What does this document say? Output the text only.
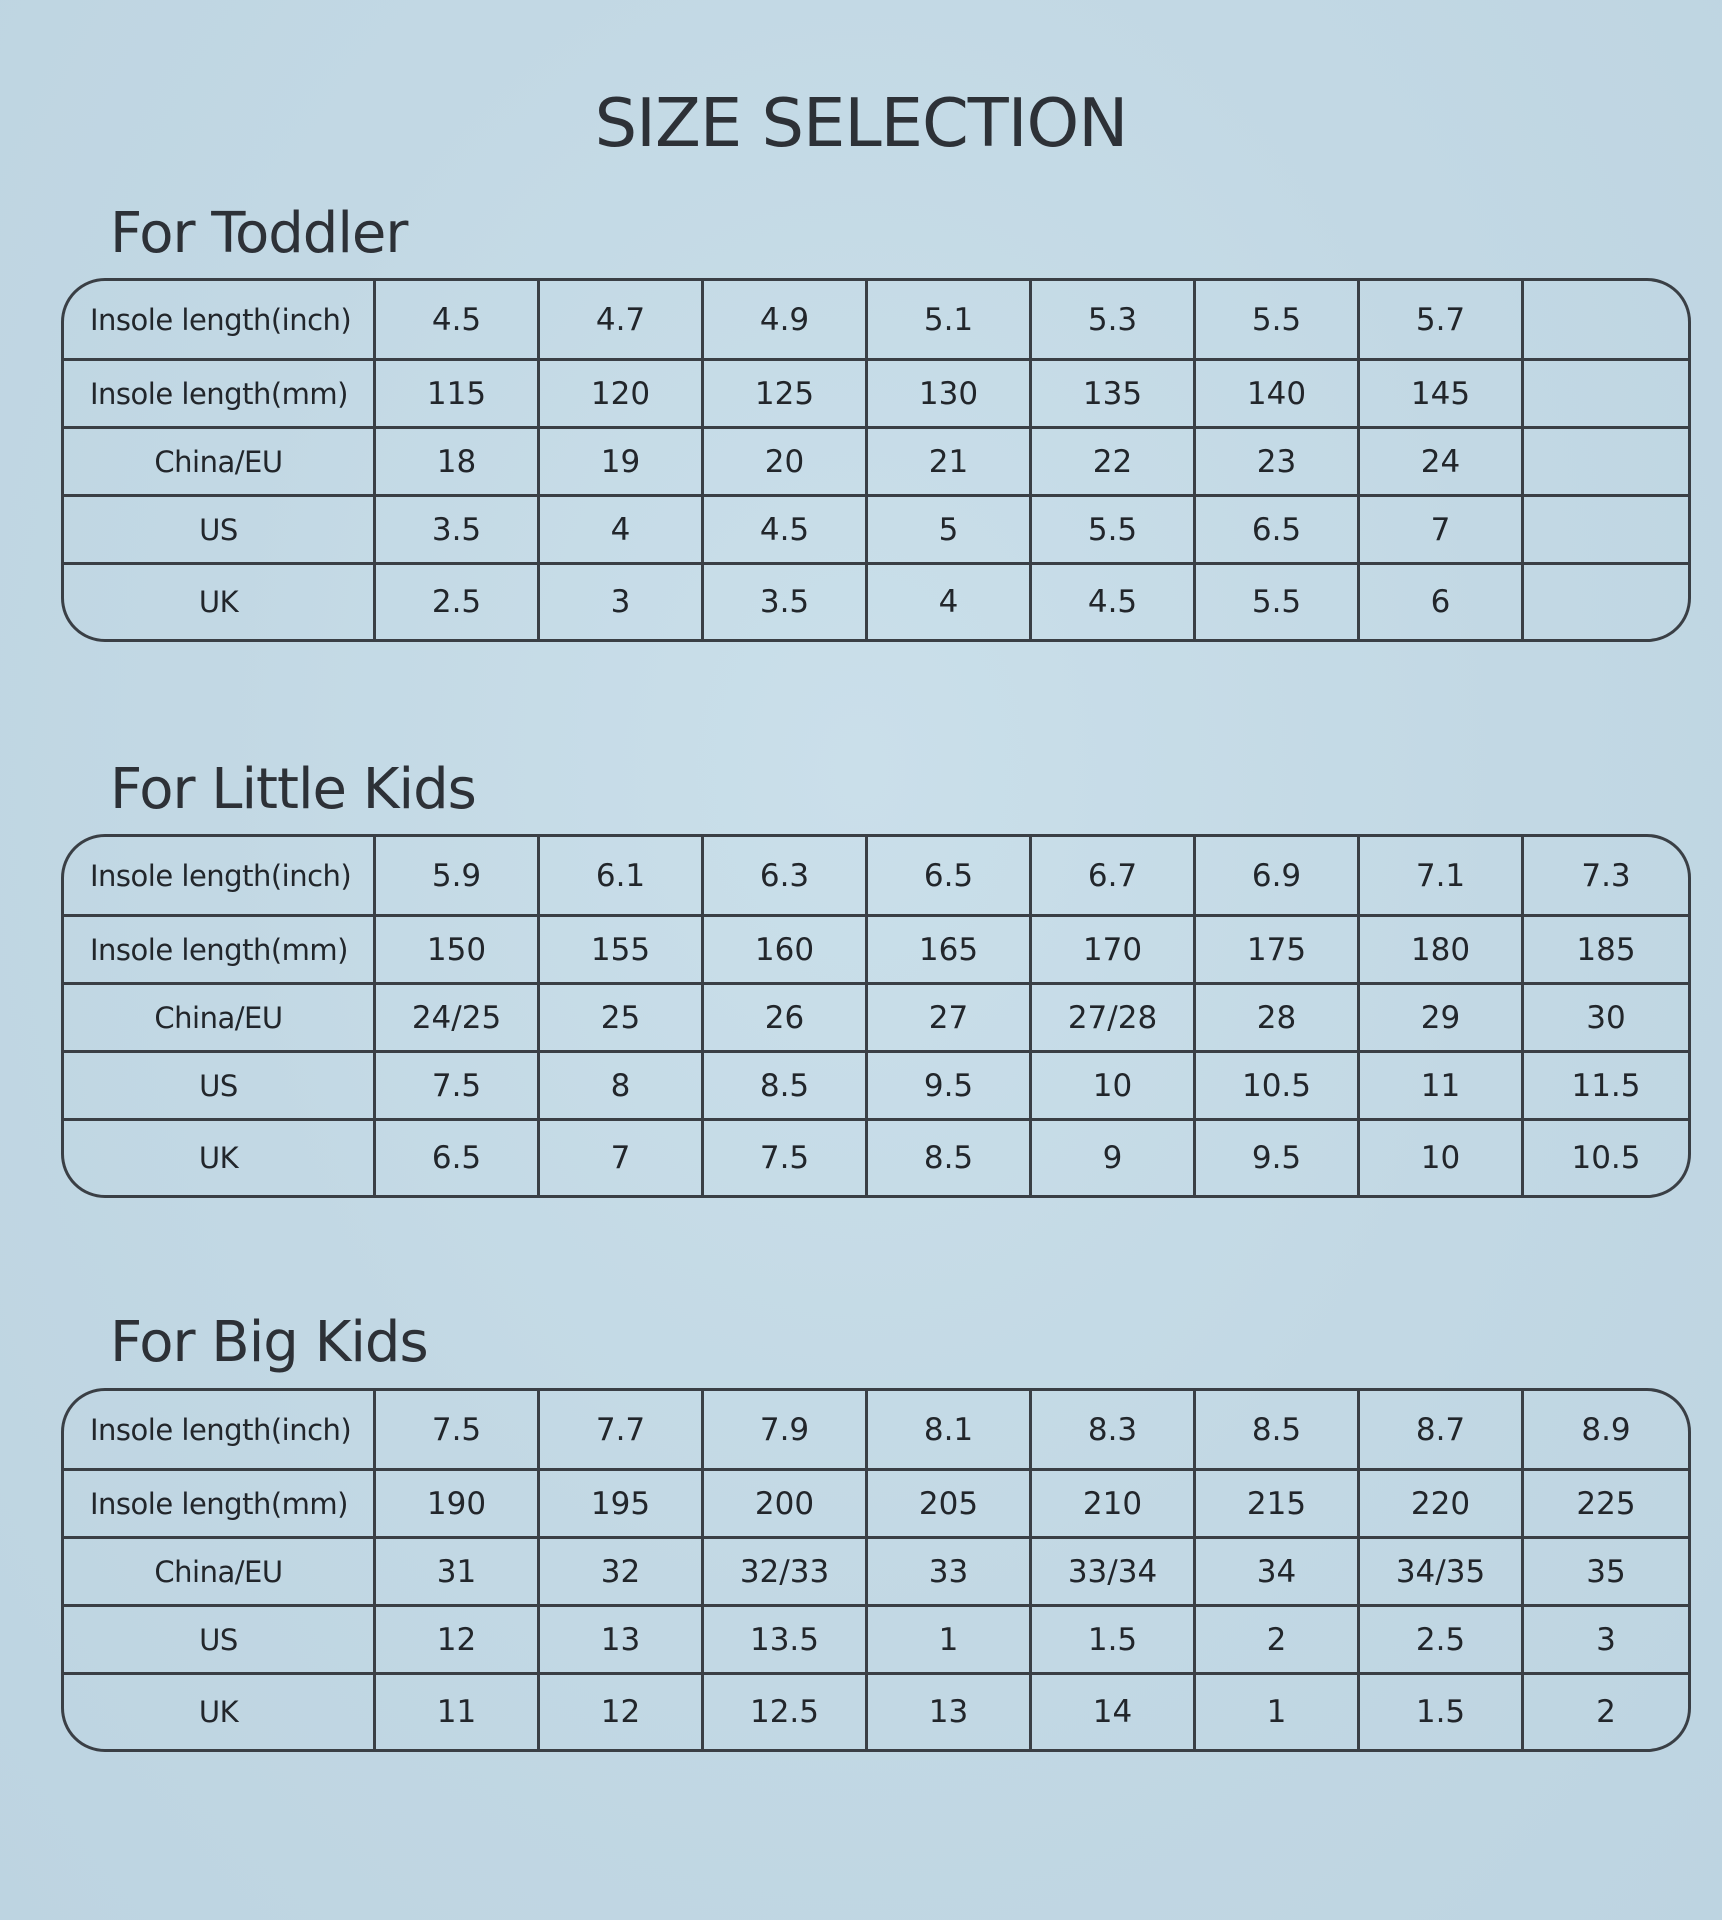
SIZE SELECTION
For Toddler
Insole length(inch)	4.5	4.7	4.9	5.1	5.3	5.5	5.7
Insole length(mm)	115	120	125	130	135	140	145
China/EU	18	19	20	21	22	23	24
US	3.5	4	4.5	5	5.5	6.5	7
UK	2.5	3	3.5	4	4.5	5.5	6
For Little Kids
Insole length(inch)	5.9	6.1	6.3	6.5	6.7	6.9	7.1	7.3
Insole length(mm)	150	155	160	165	170	175	180	185
China/EU	24/25	25	26	27	27/28	28	29	30
US	7.5	8	8.5	9.5	10	10.5	11	11.5
UK	6.5	7	7.5	8.5	9	9.5	10	10.5
For Big Kids
Insole length(inch)	7.5	7.7	7.9	8.1	8.3	8.5	8.7	8.9
Insole length(mm)	190	195	200	205	210	215	220	225
China/EU	31	32	32/33	33	33/34	34	34/35	35
US	12	13	13.5	1	1.5	2	2.5	3
UK	11	12	12.5	13	14	1	1.5	2
